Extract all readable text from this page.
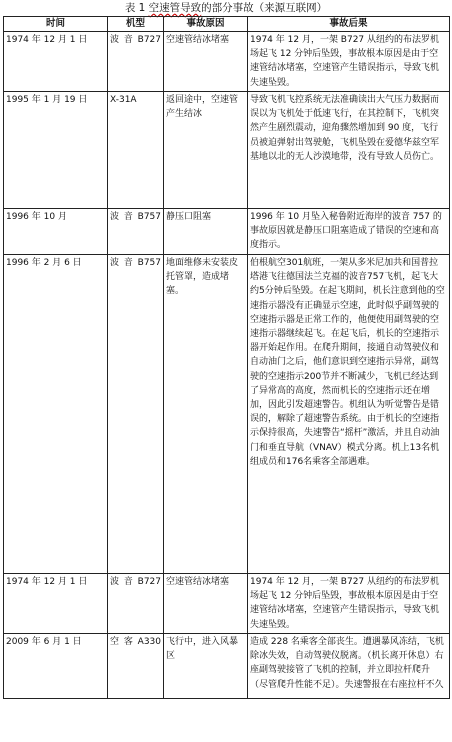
表 1 空速管导致的部分事故（来源互联网）
时间	机型	事故原因	事故后果
1974 年 12 月 1 日	波 音 B727	空速管结冰堵塞	1974 年 12 月，一架 B727 从纽约的布法罗机场起飞 12 分钟后坠毁，事故根本原因是由于空速管结冰堵塞，空速管产生错误指示，导致飞机失速坠毁。
1995 年 1 月 19 日	X-31A	返回途中，空速管产生结冰	导致飞机飞控系统无法准确读出大气压力数据而误以为飞机处于低速飞行，在其控制下，飞机突然产生剧烈震动，迎角骤然增加到 90 度，飞行员被迫弹射出驾驶舱，飞机坠毁在爱德华兹空军基地以北的无人沙漠地带，没有导致人员伤亡。
1996 年 10 月	波 音 B757	静压口阻塞	1996 年 10 月坠入秘鲁附近海岸的波音 757 的事故原因就是静压口阻塞造成了错误的空速和高度指示。
1996 年 2 月 6 日	波 音 B757	地面维修未安装皮托管罩，造成堵塞。	伯根航空301航班，一架从多米尼加共和国普拉塔港飞往德国法兰克福的波音757飞机，起飞大约5分钟后坠毁。在起飞期间，机长注意到他的空速指示器没有正确显示空速，此时似乎副驾驶的空速指示器是正常工作的，他便使用副驾驶的空速指示器继续起飞。在起飞后，机长的空速指示器开始起作用。在爬升期间，接通自动驾驶仪和自动油门之后，他们意识到空速指示异常，副驾驶的空速指示200节并不断减少，飞机已经达到了异常高的高度，然而机长的空速指示还在增加，因此引发超速警告。机组认为听觉警告是错误的，解除了超速警告系统。由于机长的空速指示保持很高，失速警告“摇杆”激活，并且自动油门和垂直导航（VNAV）模式分离。机上13名机组成员和176名乘客全部遇难。
1974 年 12 月 1 日	波 音 B727	空速管结冰堵塞	1974 年 12 月，一架 B727 从纽约的布法罗机场起飞 12 分钟后坠毁，事故根本原因是由于空速管结冰堵塞，空速管产生错误指示，导致飞机失速坠毁。
2009 年 6 月 1 日	空 客 A330	飞行中，进入风暴区	造成 228 名乘客全部丧生。遭遇暴风冻结，飞机除冰失效，自动驾驶仪脱离。（机长离开休息）右座副驾驶接管了飞机的控制，并立即拉杆爬升（尽管爬升性能不足）。失速警报在右座拉杆不久
